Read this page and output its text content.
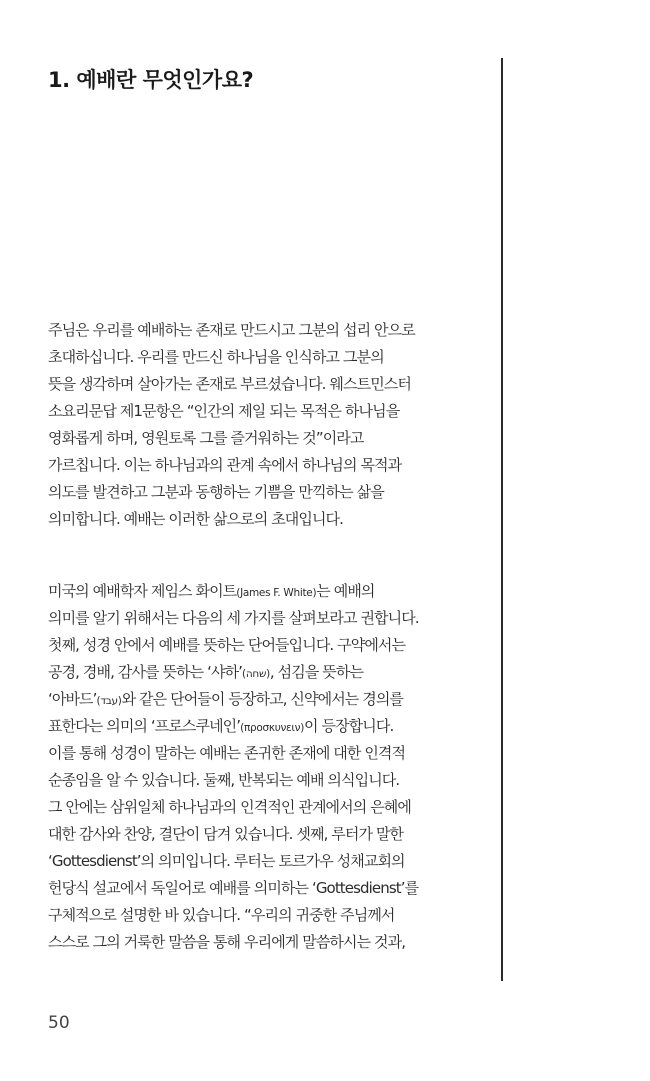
1. 예배란 무엇인가요?
주님은 우리를 예배하는 존재로 만드시고 그분의 섭리 안으로
초대하십니다. 우리를 만드신 하나님을 인식하고 그분의
뜻을 생각하며 살아가는 존재로 부르셨습니다. 웨스트민스터
소요리문답 제1문항은 “인간의 제일 되는 목적은 하나님을
영화롭게 하며, 영원토록 그를 즐거워하는 것”이라고
가르칩니다. 이는 하나님과의 관계 속에서 하나님의 목적과
의도를 발견하고 그분과 동행하는 기쁨을 만끽하는 삶을
의미합니다. 예배는 이러한 삶으로의 초대입니다.
미국의 예배학자 제임스 화이트(James F. White)는 예배의
의미를 알기 위해서는 다음의 세 가지를 살펴보라고 권합니다.
첫째, 성경 안에서 예배를 뜻하는 단어들입니다. 구약에서는
공경, 경배, 감사를 뜻하는 ‘샤하’(שחה), 섬김을 뜻하는
‘아바드’(עבד)와 같은 단어들이 등장하고, 신약에서는 경의를
표한다는 의미의 ‘프로스쿠네인’(προσκυνειν)이 등장합니다.
이를 통해 성경이 말하는 예배는 존귀한 존재에 대한 인격적
순종임을 알 수 있습니다. 둘째, 반복되는 예배 의식입니다.
그 안에는 삼위일체 하나님과의 인격적인 관계에서의 은혜에
대한 감사와 찬양, 결단이 담겨 있습니다. 셋째, 루터가 말한
‘Gottesdienst’의 의미입니다. 루터는 토르가우 성채교회의
헌당식 설교에서 독일어로 예배를 의미하는 ‘Gottesdienst’를
구체적으로 설명한 바 있습니다. “우리의 귀중한 주님께서
스스로 그의 거룩한 말씀을 통해 우리에게 말씀하시는 것과,
50
